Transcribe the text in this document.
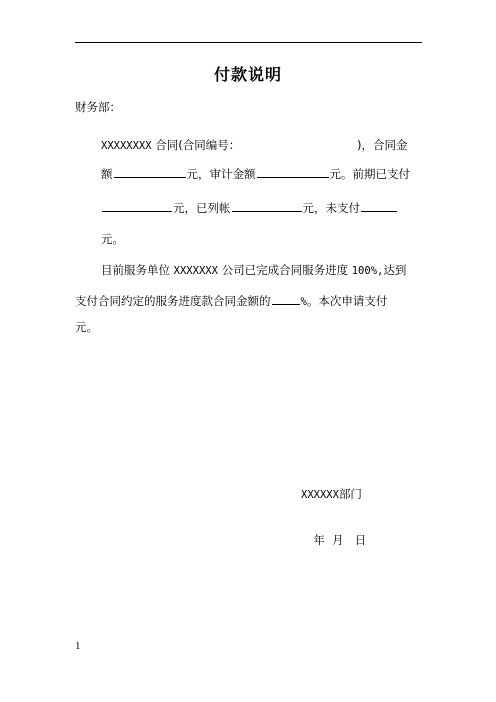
付款说明
财务部：
XXXXXXXX 合同(合同编号：	)，合同金
额	元，审计金额	元。前期已支付
元，已列帐	元，未支付
元。
目前服务单位 XXXXXXX 公司已完成合同服务进度 100%,达到
支付合同约定的服务进度款合同金额的	%。本次申请支付
元。
XXXXXX部门

年  月   日

1
